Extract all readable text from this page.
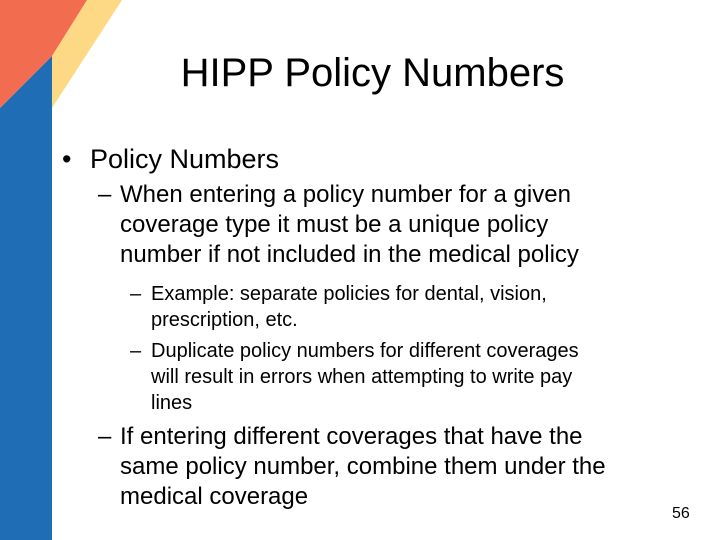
HIPP Policy Numbers
• Policy Numbers
– When entering a policy number for a given
coverage type it must be a unique policy
number if not included in the medical policy
– Example: separate policies for dental, vision,
prescription, etc.
– Duplicate policy numbers for different coverages
will result in errors when attempting to write pay
lines
– If entering different coverages that have the
same policy number, combine them under the
medical coverage
56
